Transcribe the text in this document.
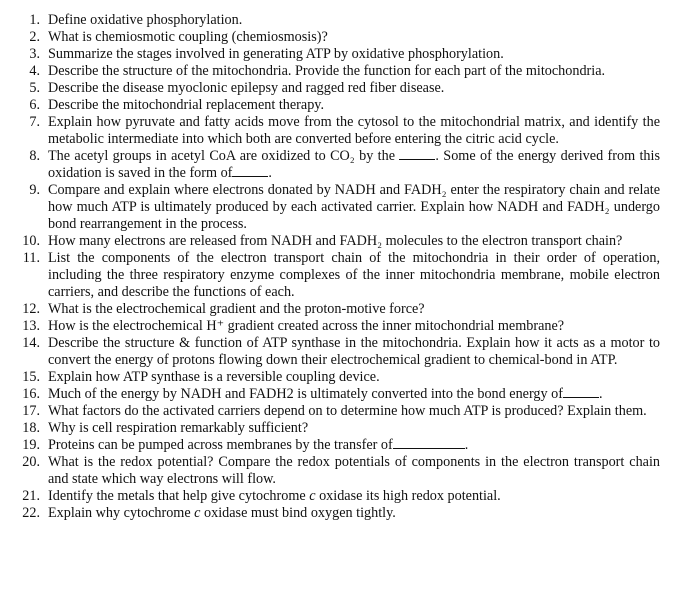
1. Define oxidative phosphorylation.
2. What is chemiosmotic coupling (chemiosmosis)?
3. Summarize the stages involved in generating ATP by oxidative phosphorylation.
4. Describe the structure of the mitochondria. Provide the function for each part of the mitochondria.
5. Describe the disease myoclonic epilepsy and ragged red fiber disease.
6. Describe the mitochondrial replacement therapy.
7. Explain how pyruvate and fatty acids move from the cytosol to the mitochondrial matrix, and identify the metabolic intermediate into which both are converted before entering the citric acid cycle.
8. The acetyl groups in acetyl CoA are oxidized to CO₂ by the	. Some of the energy derived from this oxidation is saved in the form of	.
9. Compare and explain where electrons donated by NADH and FADH₂ enter the respiratory chain and relate how much ATP is ultimately produced by each activated carrier. Explain how NADH and FADH₂ undergo bond rearrangement in the process.
10. How many electrons are released from NADH and FADH₂ molecules to the electron transport chain?
11. List the components of the electron transport chain of the mitochondria in their order of operation, including the three respiratory enzyme complexes of the inner mitochondria membrane, mobile electron carriers, and describe the functions of each.
12. What is the electrochemical gradient and the proton-motive force?
13. How is the electrochemical H⁺ gradient created across the inner mitochondrial membrane?
14. Describe the structure & function of ATP synthase in the mitochondria. Explain how it acts as a motor to convert the energy of protons flowing down their electrochemical gradient to chemical-bond in ATP.
15. Explain how ATP synthase is a reversible coupling device.
16. Much of the energy by NADH and FADH2 is ultimately converted into the bond energy of	.
17. What factors do the activated carriers depend on to determine how much ATP is produced? Explain them.
18. Why is cell respiration remarkably sufficient?
19. Proteins can be pumped across membranes by the transfer of	.
20. What is the redox potential? Compare the redox potentials of components in the electron transport chain and state which way electrons will flow.
21. Identify the metals that help give cytochrome c oxidase its high redox potential.
22. Explain why cytochrome c oxidase must bind oxygen tightly.
